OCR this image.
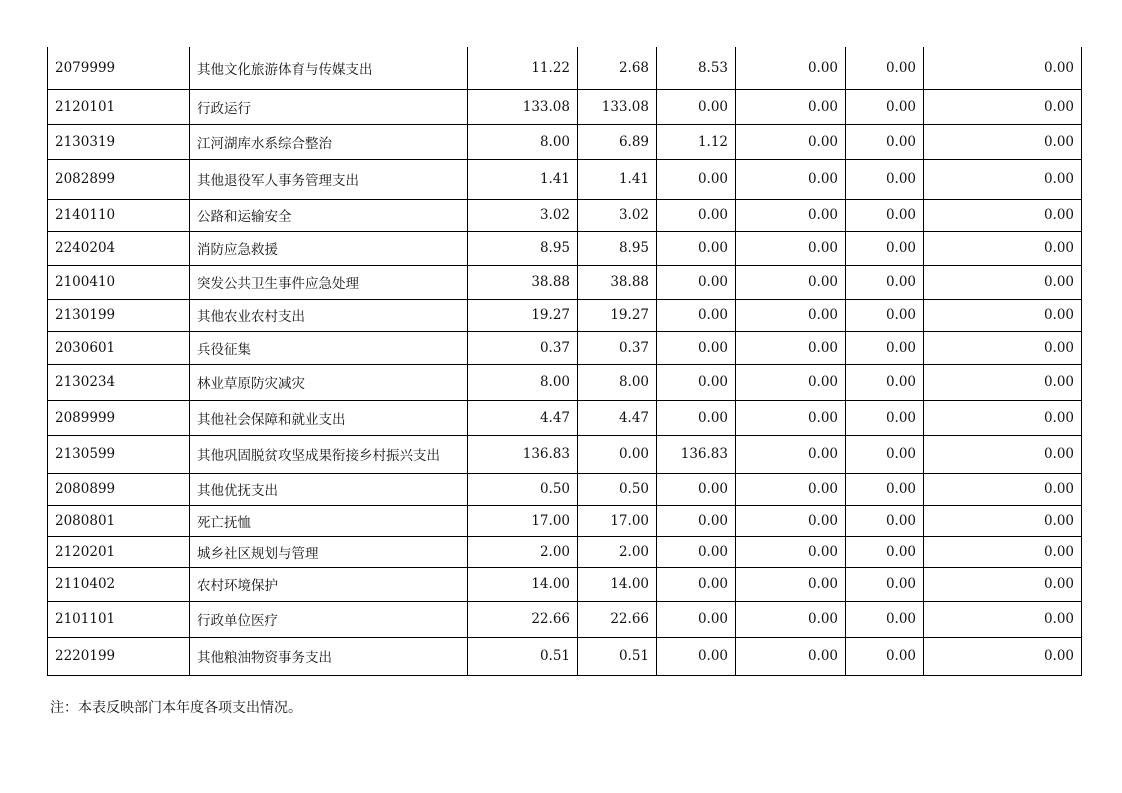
2079999	其他文化旅游体育与传媒支出	11.22	2.68	8.53	0.00	0.00	0.00
2120101	行政运行	133.08	133.08	0.00	0.00	0.00	0.00
2130319	江河湖库水系综合整治	8.00	6.89	1.12	0.00	0.00	0.00
2082899	其他退役军人事务管理支出	1.41	1.41	0.00	0.00	0.00	0.00
2140110	公路和运输安全	3.02	3.02	0.00	0.00	0.00	0.00
2240204	消防应急救援	8.95	8.95	0.00	0.00	0.00	0.00
2100410	突发公共卫生事件应急处理	38.88	38.88	0.00	0.00	0.00	0.00
2130199	其他农业农村支出	19.27	19.27	0.00	0.00	0.00	0.00
2030601	兵役征集	0.37	0.37	0.00	0.00	0.00	0.00
2130234	林业草原防灾减灾	8.00	8.00	0.00	0.00	0.00	0.00
2089999	其他社会保障和就业支出	4.47	4.47	0.00	0.00	0.00	0.00
2130599	其他巩固脱贫攻坚成果衔接乡村振兴支出	136.83	0.00	136.83	0.00	0.00	0.00
2080899	其他优抚支出	0.50	0.50	0.00	0.00	0.00	0.00
2080801	死亡抚恤	17.00	17.00	0.00	0.00	0.00	0.00
2120201	城乡社区规划与管理	2.00	2.00	0.00	0.00	0.00	0.00
2110402	农村环境保护	14.00	14.00	0.00	0.00	0.00	0.00
2101101	行政单位医疗	22.66	22.66	0.00	0.00	0.00	0.00
2220199	其他粮油物资事务支出	0.51	0.51	0.00	0.00	0.00	0.00
注：本表反映部门本年度各项支出情况。
